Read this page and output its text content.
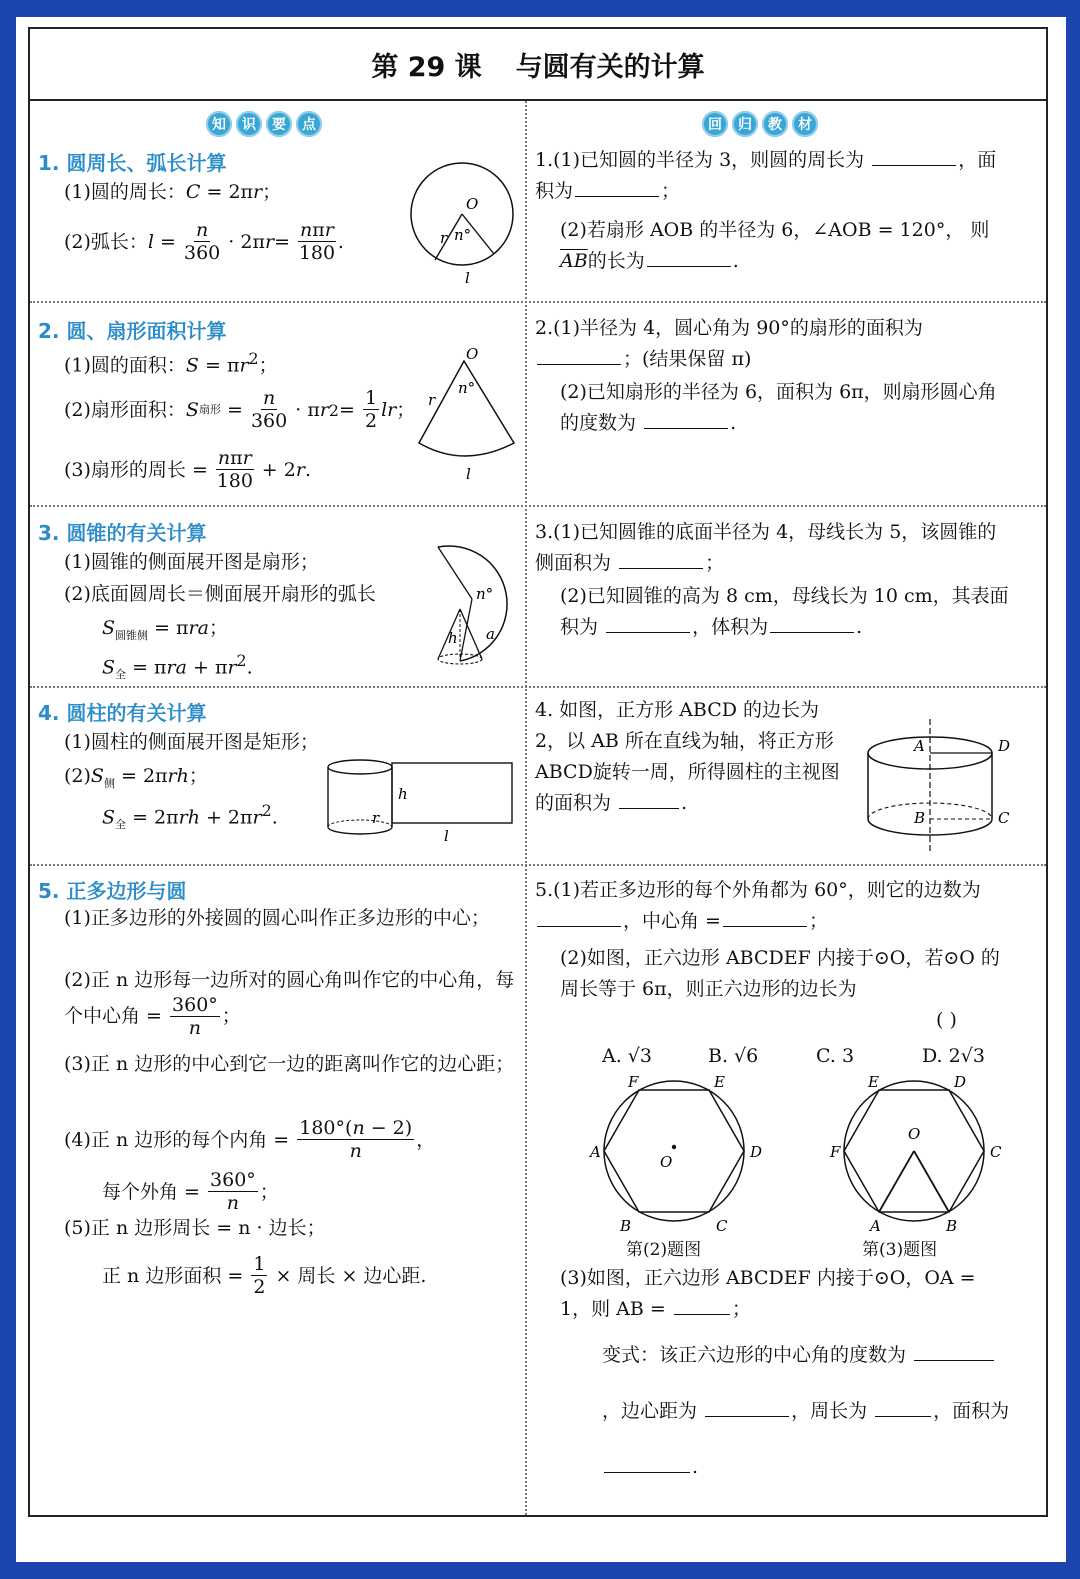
第 29 课 与圆有关的计算
知	识	要	点	回	归	教	材
1. 圆周长、弧长计算
(1)圆的周长：C = 2πr；
(2)弧长： $l = \frac{n}{360} \cdot 2\pi$ $r = \frac{\text{nπr}}{180}$ .
O
r n°
l
2. 圆、扇形面积计算
(1)圆的面积：$S = \pi r^2$；
(2)扇形面积： S 扇形 = $\frac{n}{360} \cdot \pi$ r $2 = \frac{1}{2}$ lr ；
(3)扇形的周长 =
$\frac{\text{nπr}}{180} + 2$ r .
O
r
n°
l
3. 圆锥的有关计算
(1)圆锥的侧面展开图是扇形；
(2)底面圆周长＝侧面展开扇形的弧长
$S_{圆锥侧} = \pi ra$；
$S_全 = \pi ra + \pi r^2$.
n°
a
h
4. 圆柱的有关计算
(1)圆柱的侧面展开图是矩形；
$(2)S_侧 = 2\pi rh$；
$S_全 = 2\pi rh + 2\pi r^2$.
h
l
r
5. 正多边形与圆
(1)正多边形的外接圆的圆心叫作正多边形的中心；
(2)正 n 边形每一边所对的圆心角叫作它的中心角，每个中心角 = $\frac{360^\circ}{n}$ ；
(3)正 n 边形的中心到它一边的距离叫作它的边心距；
(4)正 n 边形的每个内角 =
$\frac{180^\circ(n - 2)}{n}$ ，
每个外角 =
$\frac{360^\circ}{n}$ ；
(5)正 n 边形周长 = n · 边长；
正 n 边形面积 =
$\frac{1}{2}$ × 周长 × 边心距.
1.(1)已知圆的半径为 3，则圆的周长为	，面积为	；
(2)若扇形 AOB 的半径为 6，∠AOB = 120°， 则$\overline{AB}$的长为	.
2.(1)半径为 4，圆心角为 90°的扇形的面积为 ；(结果保留 π)
(2)已知扇形的半径为 6，面积为 6π，则扇形圆心角的度数为	.
3.(1)已知圆锥的底面半径为 4，母线长为 5，该圆锥的侧面积为	；
(2)已知圆锥的高为 8 cm，母线长为 10 cm，其表面积为	，体积为	.
4. 如图，正方形 ABCD 的边长为 2，以 AB 所在直线为轴，将正方形ABCD旋转一周，所得圆柱的主视图的面积为	.
A	D
B	C
5.(1)若正多边形的每个外角都为 60°，则它的边数为 ，中心角 =	；
(2)如图，正六边形 ABCDEF 内接于⊙O，若⊙O 的周长等于 6π，则正六边形的边长为
( )
A. √3	B. √6	C. 3	D. 2√3
O
F	E
A	D
B	C
O
E	D
F	C
A	B
第(2)题图	第(3)题图
(3)如图，正六边形 ABCDEF 内接于⊙O，OA = 1，则 AB =	；
变式：该正六边形的中心角的度数为 ，边心距为	，周长为	，面积为 .
